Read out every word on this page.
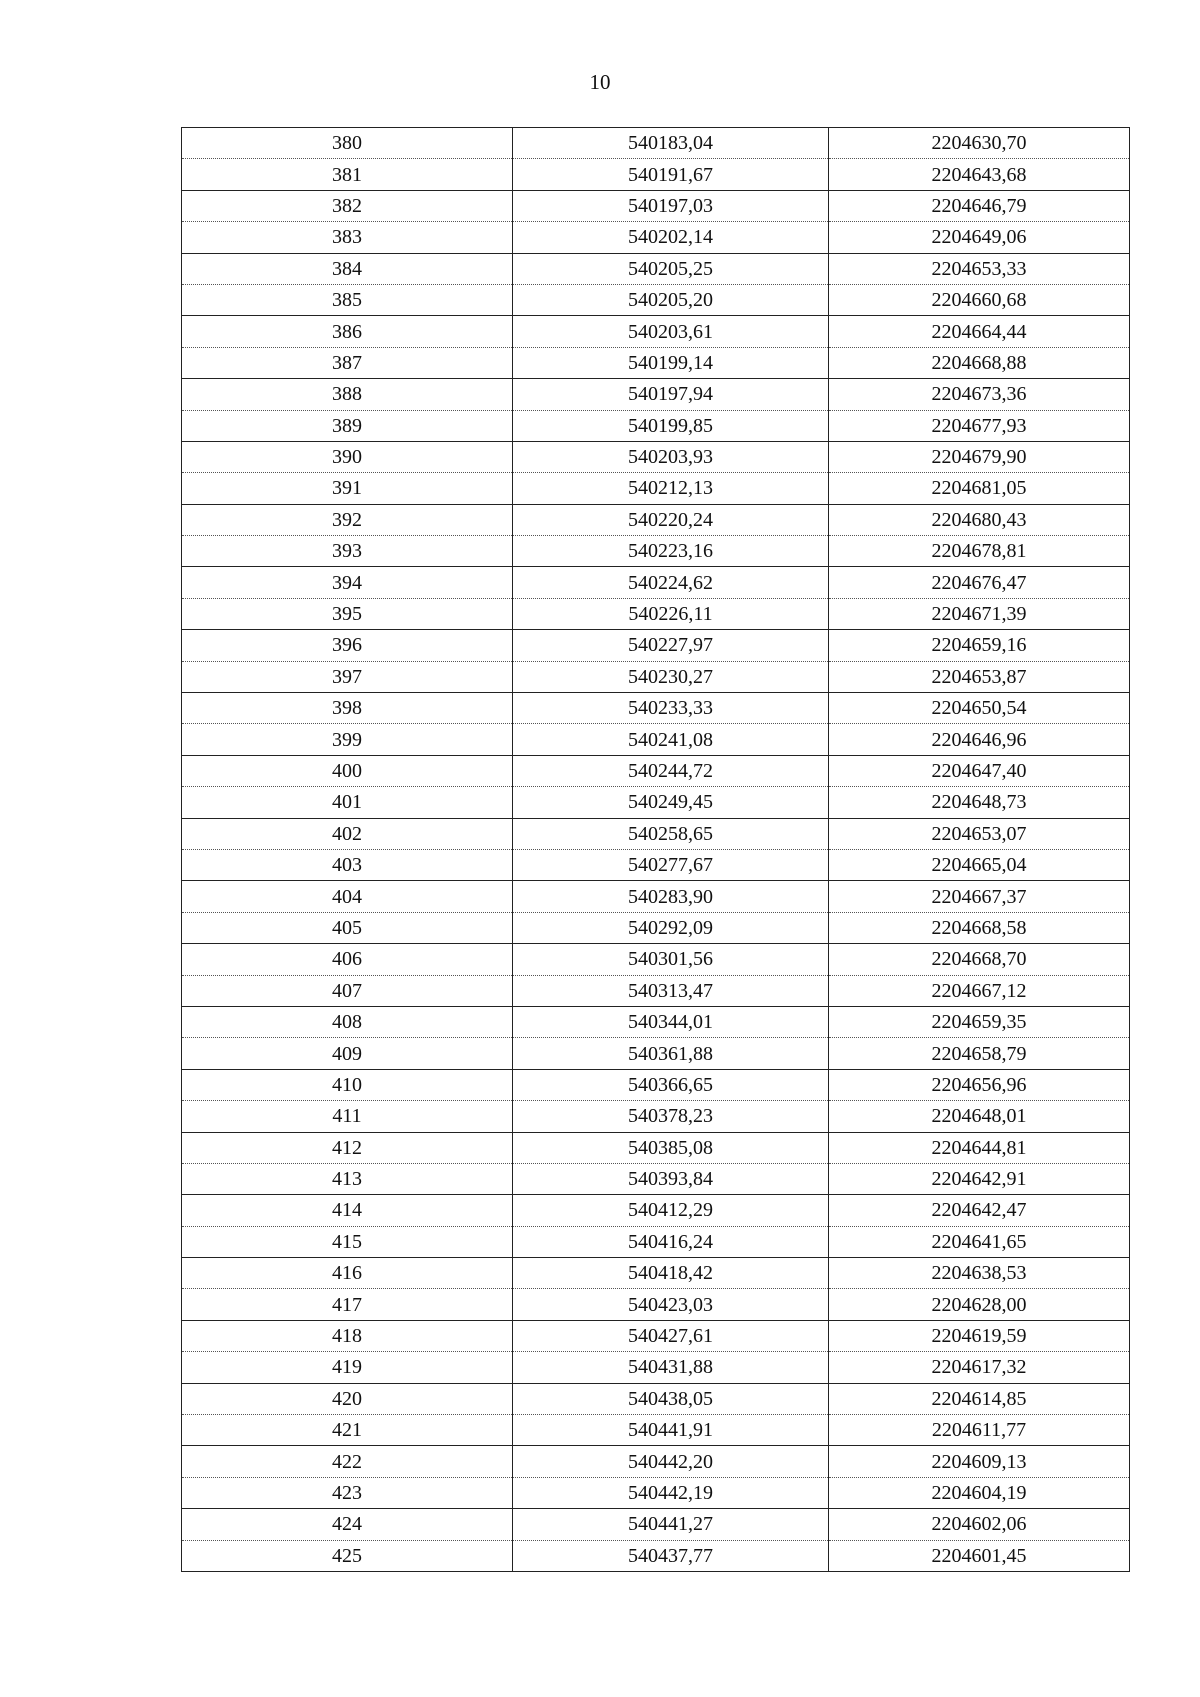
10
380	540183,04	2204630,70
381	540191,67	2204643,68
382	540197,03	2204646,79
383	540202,14	2204649,06
384	540205,25	2204653,33
385	540205,20	2204660,68
386	540203,61	2204664,44
387	540199,14	2204668,88
388	540197,94	2204673,36
389	540199,85	2204677,93
390	540203,93	2204679,90
391	540212,13	2204681,05
392	540220,24	2204680,43
393	540223,16	2204678,81
394	540224,62	2204676,47
395	540226,11	2204671,39
396	540227,97	2204659,16
397	540230,27	2204653,87
398	540233,33	2204650,54
399	540241,08	2204646,96
400	540244,72	2204647,40
401	540249,45	2204648,73
402	540258,65	2204653,07
403	540277,67	2204665,04
404	540283,90	2204667,37
405	540292,09	2204668,58
406	540301,56	2204668,70
407	540313,47	2204667,12
408	540344,01	2204659,35
409	540361,88	2204658,79
410	540366,65	2204656,96
411	540378,23	2204648,01
412	540385,08	2204644,81
413	540393,84	2204642,91
414	540412,29	2204642,47
415	540416,24	2204641,65
416	540418,42	2204638,53
417	540423,03	2204628,00
418	540427,61	2204619,59
419	540431,88	2204617,32
420	540438,05	2204614,85
421	540441,91	2204611,77
422	540442,20	2204609,13
423	540442,19	2204604,19
424	540441,27	2204602,06
425	540437,77	2204601,45
